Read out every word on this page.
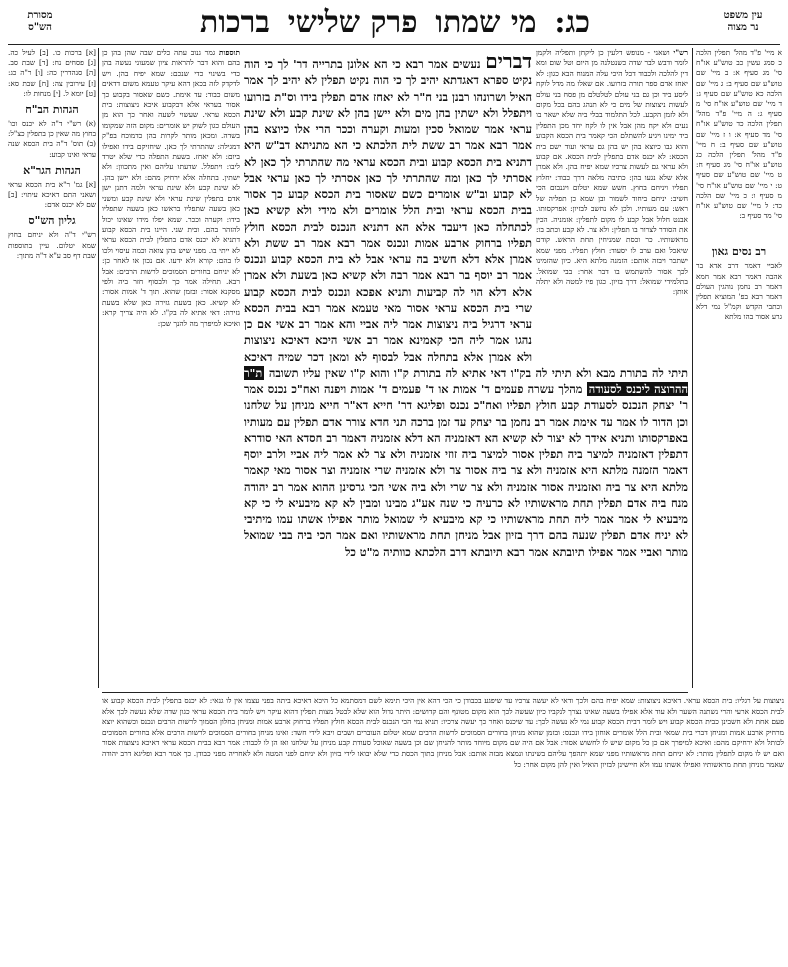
מסורת
הש"ס	כג:
מי שמתו
פרק שלישי
ברכות	עין משפט
נר מצוה
[א] ברכות כו. [ב] לעיל כה. [ג] פסחים נח: [ד] שבת סב. [ה] סנהדרין כה: [ו] ר"ה כג: [ז] עירובין צה: [ח] שבת סא: [ט] יומא ל. [י] מנחות לו:
הגהות הב"ח
(א) רש"י ד"ה לא יכנס וכו' בחוץ מה שאין כן בתפלין כצ"ל: (ב) תוס' ד"ה בית הכסא שנה עראי ואינו קבוע:
הגהות הגר"א
[א] גמ' ר"א בית הכסא עראי ושאני התם דאיכא עיתוי: [ב] שם לא יכנס אדם:
גליון הש"ס
רש"י ד"ה ולא יניחם בחוץ שמא יטלום. עיין בתוספות שבת דף סב ע"א ד"ה מתוך:
א מיי' פ"ד מהל' תפלין הלכה כ סמג עשין כב טוש"ע או"ח סי' מג סעיף א: ב מיי' שם טוש"ע שם סעיף ב: ג מיי' שם הלכה כא טוש"ע שם סעיף ג: ד מיי' שם טוש"ע או"ח סי' מ סעיף ג: ה מיי' פ"ד מהל' תפלין הלכה כד טוש"ע או"ח סי' מד סעיף א: ו ז מיי' שם טוש"ע שם סעיף ב: ח מיי' פ"ד מהל' תפלין הלכה כג טוש"ע או"ח סי' מג סעיף ח: ט מיי' שם טוש"ע שם סעיף ט: י מיי' שם טוש"ע או"ח סי' מ סעיף ו: כ מיי' שם הלכה כד: ל מיי' שם טוש"ע או"ח סי' מד סעיף ב:
רב נסים גאון
לאביי דאמר דרב אדא בר אהבה דאמר רבא אמר חמא דאמר רב נחמן נוהגין העולם דאמר רבא בפ' המוציא תפלין וכתבי הקדש וקמ"ל נמי דלא גרע אסור בהו מלתא
תוספות גמר גנוב עתה כלים שבה שהן בהן כן בהם והוא דבר להראות ציון שמעוני נעשה בהן כדי בשינוי כדי שנכם: שמא יפיח בהן. ויש לדקדק לזה בכאן דהא עיקר טעמא משום דדאים משום כבוד: עד אימת. כשם שאסור בקבוע כך אסור בעראי אלא דבקבוע איכא ניצוצות: בית הכסא עראי. שעשוי לשעה ואחר כך הוא מן העולם כגון לשוק יש אומרים: מקום הזה שמקומו בשדה. ומכאן מותר לקרות בהן כדמוכח בפ"ק דמגילה: שהתרתי לך כאן. שיחזיקם בידו ואפילו ביום: ולא יאחז. בשעת התפלה כדי שלא יטרד ליבו: ויתפלל. שדעתו עליהם ואין מתכוון: ולא ישתין. בתחלה אלא ירחיק מהם: ולא יישן בהן. לא שינת קבע ולא שינת עראי ולמה דתנן ישן אדם בתפלין שינת עראי ולא שינת קבע ומשני כאן בשעה שתפליו בראשו כאן בשעה שתפליו בידו: וקערה וככר. שמא יפלו מידו שאינו יכול להזהר בהם. ובית שני. היינו בית הכסא קבוע דתניא לא יכנס אדם בתפלין לבית הכסא עראי לא ייתי בו. מפני שיש בהן צואה וכמה עיסוי ולכו לו בהם: קורא ולא ידעו. אם נכון או לאחר כן: לא יניחם בחורים הסמוכים לרשות הרבים: אבל רבא. תחילה אמר כך ולבסוף חזר ביה ולפי מסקנא אסור: ובזמן שהוא. תוך ד' אמות אסור: לא קשיא. כאן בשעת גזירה כאן שלא בשעת גזירה: דאי אתיא לה בק"ו. לא היה צריך קרא: ואיכא למיפרך מה להנך שכן:
רש"י ושאני - מנופש דלעין כן ליקחן ותפליה ולקמן לומר ודבש לבר שדה כשנטלנה מן היום וטל שום ומא דין להלכה ולכבוד דכל היכי עלה המנוח הבא כגון: לא יאחז אדם ספר תורה בזרועו. אם שאלו מה מדל לוקח ליסע ביד וכן גם בני עולם לטלטלם מן פסח בני עולם לעשות ניצוצות של מים כי לא תנהג בהם בכל מקום ולא לזמן הקבע. לכל התלמוד בבלי ביה שלא ישאר בו נעים ולא יקח מהן אבל אין לו לקח יחד מכן התפלין ביד ימינו ויגיע להשתלם הכי קאמר בית הכסא הקבוע והוא גבו כיוצא בהן יש בהן גם עראי ועוד ישם בית הכסא: לא יכנס אדם בתפלין לבית הכסא. אם קבוע ולא עראי גם לעשות צרכיו שמא יפיח בהן. ולא אמרן אלא שלא נגעו בהן: כתיבה מלאה דרך כבוד: יחלוץ תפליו ויניחם בחוץ. חשש שמא יטלום ויגנבום הכי חשיב: יניחם ביחוד לשמור ובן שמא כן תפליה של ראש: עם מעותיו. ולכן לא נחשב לבזיון: אפרקסותו. אבנט חלול אבל קבע לו מקום לתפלין: אזמניה. הכין את הסודר לצרור בו תפלין: ולא צר. לא קבע וכתב בו: מראשותיו. כר וכסת שמניחין תחת הראש. קודם שיאכל ואם ערב לו יסעוד: חולץ תפליו. מפני שמא ישתכר ויבזה אותם: הזמנה מלתא היא. כיון שהזמינו לכך אסור להשתמש בו דבר אחר: בבי שמואל. בתלמידי שמואל: דרך בזיון. כגון פיו למטה ולא יתלה אותן:
דברים נעשים אמר רבא כי הא אלונן בתרייה דר' לך כי הוה נקיט ספרא דאגדתא יהיב לך כי הוה נקיט תפלין לא יהיב לך אמר האיל ושרונהו רבנן בני ח"ר לא יאחז אדם תפלין בידו וס"ת בזרועו ויתפלל ולא ישתין בהן מים ולא יישן בהן לא שינת קבע ולא שינת עראי אמר שמואל סכין ומעות וקערה וככר הרי אלו כיוצא בהן אמר רבא אמר רב ששת לית הלכתא כי הא מתניתא דב"ש היא דתניא בית הכסא קבוע ובית הכסא עראי מה שהתרתי לך כאן לא אסרתי לך כאן ומה שהתרתי לך כאן אסרתי לך כאן עראי אבל לא קבוע וב"ש אומרים כשם שאסור בית הכסא קבוע כך אסור בבית הכסא עראי ובית הלל אומרים ולא מידי ולא קשיא כאן לכתחלה כאן דיעבד אלא הא דתניא הנכנס לבית הכסא חולץ תפליו ברחוק ארבע אמות ונכנס אמר רבא אמר רב ששת ולא אמרן אלא דלא חשיב בה עראי אבל לא בית הכסא קבוע ונכנס אמר רב יוסף בר רבא אמר רבה ולא קשיא כאן בשעת ולא אמרן אלא דלא הוי לה קביעות ותניא אפכא ונכנס לבית הכסא קבוע שרי בית הכסא עראי אסור מאי טעמא אמר רבא בבית הכסא עראי דרגיל ביה ניצוצות אמר ליה אביי והא אמר רב אשי אם כן נהגו אמר ליה הכי קאמינא אמר רב אשי היכא דאיכא ניצוצות ולא אמרן אלא בתחלה אבל לבסוף לא ומאן דכר שמיה דאיכא תיתי לה בתורת מבא ולא תיתי לה בק"ו דאי אתיא לה בתורת ק"ו והוא ק"ו שאין עליו תשובה ת"ר ההרוצה ליכנס לסעודה מהלך עשרה פעמים ד' אמות או ד' פעמים ד' אמות ויפנה ואח"כ נכנס אמר ר' יצחק הנכנס לסעודת קבע חולץ תפליו ואח"כ נכנס ופליגא דר' חייא דא"ר חייא מניחן על שלחנו וכן הדור לו אמר עד אימת אמר רב נחמן בר יצחק עד זמן ברכה תני חדא צורר אדם תפלין עם מעותיו באפרקסותו ותניא אידך לא יצור לא קשיא הא דאזמניה הא דלא אזמניה דאמר רב חסדא האי סודרא דתפלין דאזמניה למיצר ביה תפלין אסור למיצר ביה זוזי אזמניה ולא צר לא אמר ליה אביי ולרב יוסף דאמר הזמנה מלתא היא אזמניה ולא צר ביה אסור צר ולא אזמניה שרי אזמניה וצר אסור מאי קאמר מלתא היא צר ביה ואזמניה אסור אזמניה ולא צר שרי ולא ביה אשי הכי גרסינן ההוא אמר רב יהודה מנח ביה אדם תפלין תחת מראשותיו לא כרעיה כי שנה אע"ג מבינו ומבין לא קא מיבעיא לי כי קא מיבעיא לי אמר אמר ליה תחת מראשותיו כי קא מיבעיא לי שמואל מותר אפילו אשתו עמו מיתיבי לא יניח אדם תפלין שנעה בהם דרך בזיון אבל מניחן תחת מראשותיו ואם אמר הכי ביה בבי שמואל מותר ואביי אמר אפילו תיובתא אמר רבא תיובתא דרב הלכתא כוותיה מ"ט כל
ניצוצות על רגליו: בית הכסא עראי. דאיכא ניצוצות: שמא יפיח בהם ולכך ודאי לא יעשה צרכיו עד שיפגע בכבודן כי הכי דהא אין היכי תימא לשם דמסתמא כל היכא דאיכא ביתה בפני עצמו אין לו גנאי: לא יכנס בתפלין לבית הכסא קבוע או לבית הכסא ארעי והרי נשתנה השער ולא עוד אלא אפילו בשעה שאינו נצרך לנקביו כיון שעשה לכך הוא מקום מטונף והם קדושים: היתר גדול הוא שלא לבטל מצות תפלין דהוא עיקר ויש לומר בית הכסא עראי כגון שדה שלא נעשה לכך אלא פעם אחת ולא חשבינן כבית הכסא קבוע ויש לומר דבית הכסא קבוע נמי לא נעשה לכך: עד שיכנס ואחר כך יעשה צרכיו: תניא נמי הכי הנכנס לבית הכסא חולץ תפליו ברחוק ארבע אמות ומניחן בחלון הסמוך לרשות הרבים ונכנס וכשהוא יוצא מרחיק ארבע אמות ומניחן דברי בית שמאי ובית הלל אומרים אוחזן בידו ונכנס: ובזמן שהוא מניחן בחורים הסמוכים לרשות הרבים שמא יטלום העוברים ושבים ויבא לידי חשד: ואינו מניחן בחורים הסמוכים לרשות הרבים אלא בחורים הסמוכים לכותל ולא ירחיקם מהם: ואיכא למיפרך אם כן כל מקום שיש לו לחשוש אסור: אבל אם היה שם מקום מיוחד מותר להניחן שם וכן בשעה שאוכל סעודת קבע מניחן על שלחנו ואז הן לו לכבוד: אמר רבא בבית הכסא עראי דאיכא ניצוצות אסור ואם יש לו מקום לתפלין מותר: לא יניחם תחת מראשותיו מפני שמא יתהפך עליהם בשינתו ונמצא מבזה אותם: אבל מניחן בתוך הכסת כדי שלא יבואו לידי בזיון ולא יניחם לפני המטה ולא לאחריה מפני כבודן. כך אמר רבא ופליגא דרב יהודה שאמר מניחן תחת מראשותיו ואפילו אשתו עמו ולא חיישינן לבזיון הואיל ואין להן מקום אחר: כל
